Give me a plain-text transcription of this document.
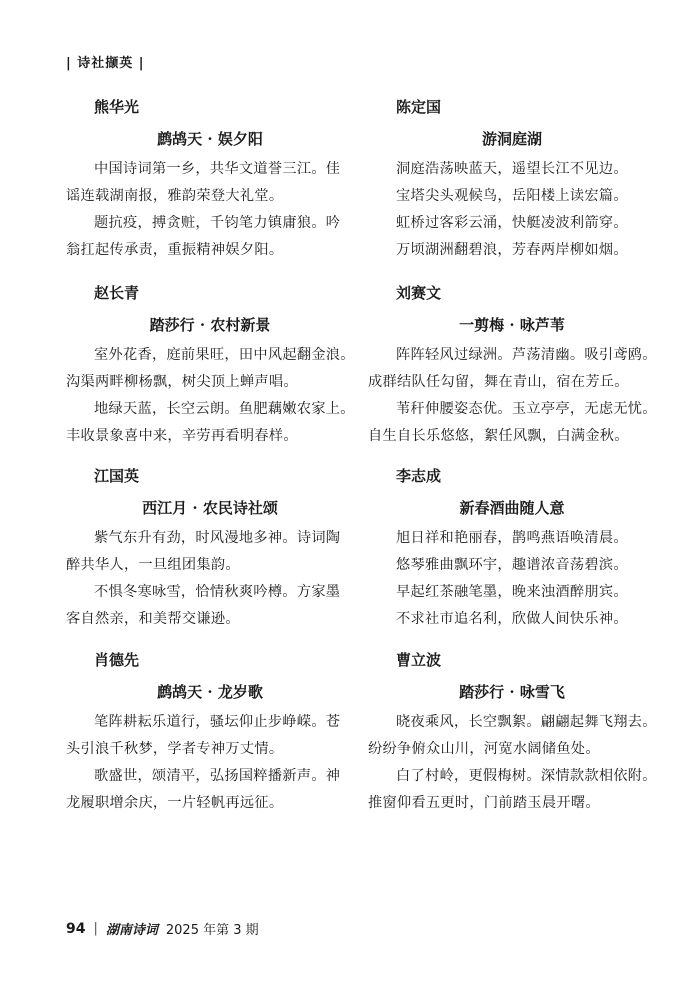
| 诗社撷英 |
熊华光
鹧鸪天 · 娱夕阳
中国诗词第一乡，共华文道誉三江。佳
谣连载湖南报，雅韵荣登大礼堂。
题抗疫，搏贪赃，千钧笔力镇庸狼。吟
翁扛起传承责，重振精神娱夕阳。
陈定国
游洞庭湖
洞庭浩荡映蓝天，遥望长江不见边。
宝塔尖头观候鸟，岳阳楼上读宏篇。
虹桥过客彩云涌，快艇凌波利箭穿。
万顷湖洲翻碧浪，芳春两岸柳如烟。
赵长青
踏莎行 · 农村新景
室外花香，庭前果旺，田中风起翻金浪。
沟渠两畔柳杨飘，树尖顶上蝉声唱。
地绿天蓝，长空云朗。鱼肥藕嫩农家上。
丰收景象喜中来，辛劳再看明春样。
刘赛文
一剪梅 · 咏芦苇
阵阵轻风过绿洲。芦荡清幽。吸引鸢鸥。
成群结队任勾留，舞在青山，宿在芳丘。
苇秆伸腰姿态优。玉立亭亭，无虑无忧。
自生自长乐悠悠，絮任风飘，白满金秋。
江国英
西江月 · 农民诗社颂
紫气东升有劲，时风漫地多神。诗词陶
醉共华人，一旦组团集韵。
不惧冬寒咏雪，恰情秋爽吟樽。方家墨
客自然亲，和美帮交谦逊。
李志成
新春酒曲随人意
旭日祥和艳丽春，鹊鸣燕语唤清晨。
悠琴雅曲飘环宇，趣谱浓音荡碧滨。
早起红茶融笔墨，晚来浊酒醉朋宾。
不求社市追名利，欣做人间快乐神。
肖德先
鹧鸪天 · 龙岁歌
笔阵耕耘乐道行，骚坛仰止步峥嵘。苍
头引浪千秋梦，学者专神万丈情。
歌盛世，颂清平，弘扬国粹播新声。神
龙履职增余庆，一片轻帆再远征。
曹立波
踏莎行 · 咏雪飞
晓夜乘风，长空飘絮。翩翩起舞飞翔去。
纷纷争俯众山川，河宽水阔储鱼处。
白了村岭，更假梅树。深情款款相依附。
推窗仰看五更时，门前踏玉晨开曙。
94 | 湖南诗词 2025 年第 3 期
